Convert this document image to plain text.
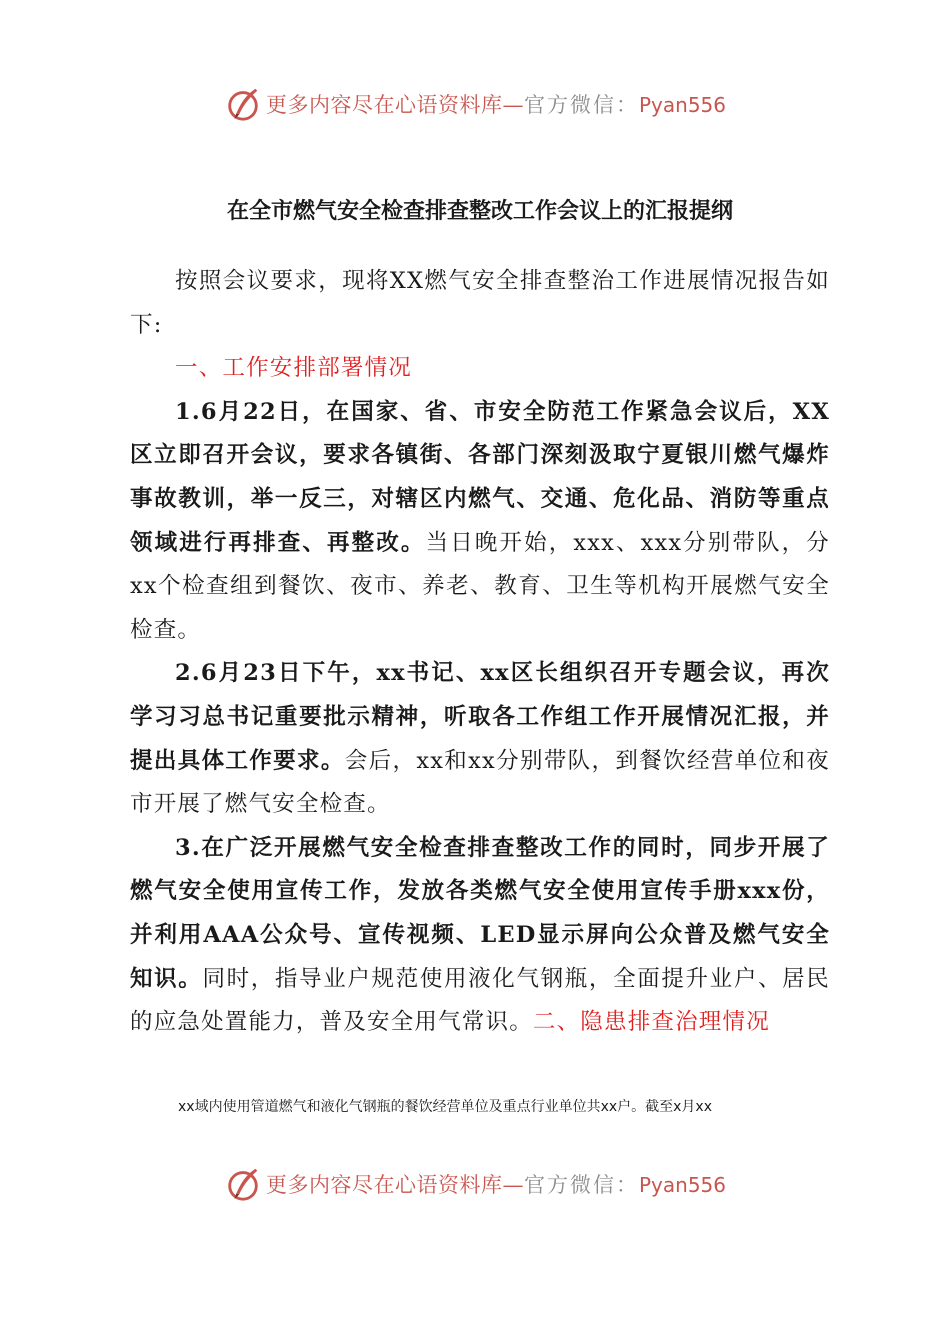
更多内容尽在心语资料库—官方微信：Pyan556
在全市燃气安全检查排查整改工作会议上的汇报提纲

按照会议要求，现将XX燃气安全排查整治工作进展情况报告如下:

一、工作安排部署情况

1.6月22日，在国家、省、市安全防范工作紧急会议后，XX区立即召开会议，要求各镇街、各部门深刻汲取宁夏银川燃气爆炸事故教训，举一反三，对辖区内燃气、交通、危化品、消防等重点领域进行再排查、再整改。当日晚开始，xxx、xxx分别带队，分xx个检查组到餐饮、夜市、养老、教育、卫生等机构开展燃气安全检查。

2.6月23日下午，xx书记、xx区长组织召开专题会议，再次学习习总书记重要批示精神，听取各工作组工作开展情况汇报，并提出具体工作要求。会后，xx和xx分别带队，到餐饮经营单位和夜市开展了燃气安全检查。

3.在广泛开展燃气安全检查排查整改工作的同时，同步开展了燃气安全使用宣传工作，发放各类燃气安全使用宣传手册xxx份，并利用AAA公众号、宣传视频、LED显示屏向公众普及燃气安全知识。同时，指导业户规范使用液化气钢瓶，全面提升业户、居民的应急处置能力，普及安全用气常识。二、隐患排查治理情况

xx域内使用管道燃气和液化气钢瓶的餐饮经营单位及重点行业单位共xx户。截至x月xx
更多内容尽在心语资料库—官方微信：Pyan556
